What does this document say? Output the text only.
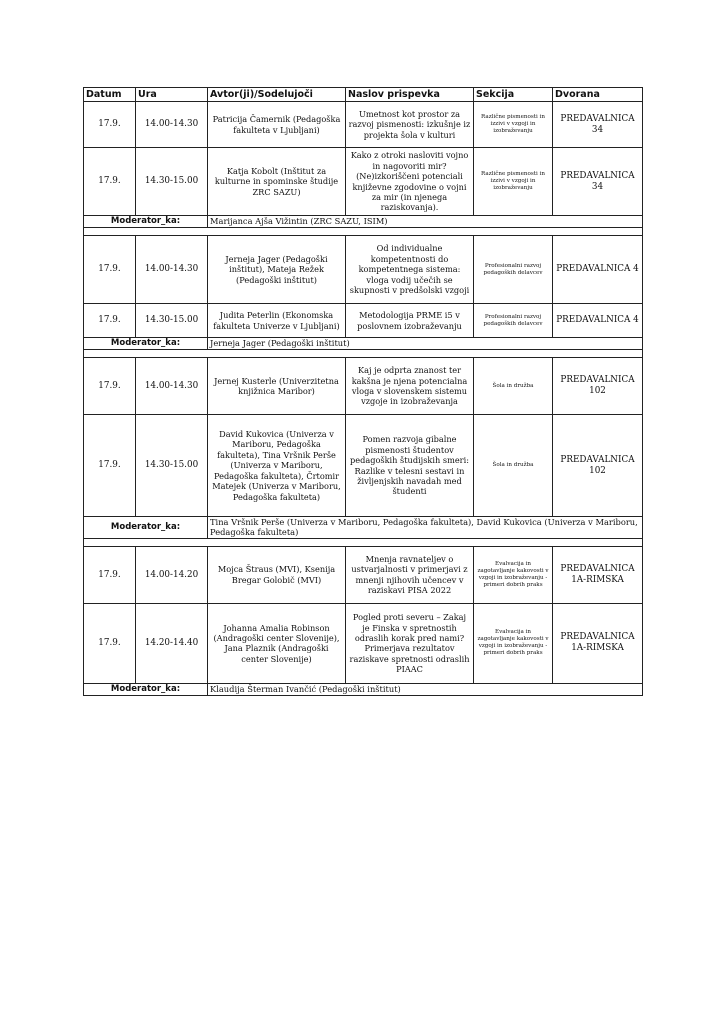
Datum	Ura	Avtor(ji)/Sodelujoči	Naslov prispevka	Sekcija	Dvorana
17.9.	14.00-14.30	Patricija Čamernik (Pedagoška fakulteta v Ljubljani)	Umetnost kot prostor za razvoj pismenosti: izkušnje iz projekta šola v kulturi	Različne pismenosti in izzivi v vzgoji in izobraževanju	PREDAVALNICA 34
17.9.	14.30-15.00	Katja Kobolt (Inštitut za kulturne in spominske študije ZRC SAZU)	Kako z otroki nasloviti vojno in nagovoriti mir? (Ne)izkoriščeni potenciali književne zgodovine o vojni za mir (in njenega raziskovanja).	Različne pismenosti in izzivi v vzgoji in izobraževanju	PREDAVALNICA 34
Moderator_ka:		Marijanca Ajša Vižintin (ZRC SAZU, ISIM)			

17.9.	14.00-14.30	Jerneja Jager (Pedagoški inštitut), Mateja Režek (Pedagoški inštitut)	Od individualne kompetentnosti do kompetentnega sistema: vloga vodij učečih se skupnosti v predšolski vzgoji	Profesionalni razvoj pedagoških delavcev	PREDAVALNICA 4
17.9.	14.30-15.00	Judita Peterlin (Ekonomska fakulteta Univerze v Ljubljani)	Metodologija PRME i5 v poslovnem izobraževanju	Profesionalni razvoj pedagoških delavcev	PREDAVALNICA 4
Moderator_ka:		Jerneja Jager (Pedagoški inštitut)			

17.9.	14.00-14.30	Jernej Kusterle (Univerzitetna knjižnica Maribor)	Kaj je odprta znanost ter kakšna je njena potencialna vloga v slovenskem sistemu vzgoje in izobraževanja	Šola in družba	PREDAVALNICA 102
17.9.	14.30-15.00	David Kukovica (Univerza v Mariboru, Pedagoška fakulteta), Tina Vršnik Perše (Univerza v Mariboru, Pedagoška fakulteta), Črtomir Matejek (Univerza v Mariboru, Pedagoška fakulteta)	Pomen razvoja gibalne pismenosti študentov pedagoških študijskih smeri: Razlike v telesni sestavi in življenjskih navadah med študenti	Šola in družba	PREDAVALNICA 102
Moderator_ka:		Tina Vršnik Perše (Univerza v Mariboru, Pedagoška fakulteta), David Kukovica (Univerza v Mariboru, Pedagoška fakulteta)			

17.9.	14.00-14.20	Mojca Štraus (MVI), Ksenija Bregar Golobič (MVI)	Mnenja ravnateljev o ustvarjalnosti v primerjavi z mnenji njihovih učencev v raziskavi PISA 2022	Evalvacija in zagotavljanje kakovosti v vzgoji in izobraževanju - primeri dobrih praks	PREDAVALNICA 1A-RIMSKA
17.9.	14.20-14.40	Johanna Amalia Robinson (Andragoški center Slovenije), Jana Plaznik (Andragoški center Slovenije)	Pogled proti severu – Zakaj je Finska v spretnostih odraslih korak pred nami? Primerjava rezultatov raziskave spretnosti odraslih PIAAC	Evalvacija in zagotavljanje kakovosti v vzgoji in izobraževanju - primeri dobrih praks	PREDAVALNICA 1A-RIMSKA
Moderator_ka:		Klaudija Šterman Ivančić (Pedagoški inštitut)			
